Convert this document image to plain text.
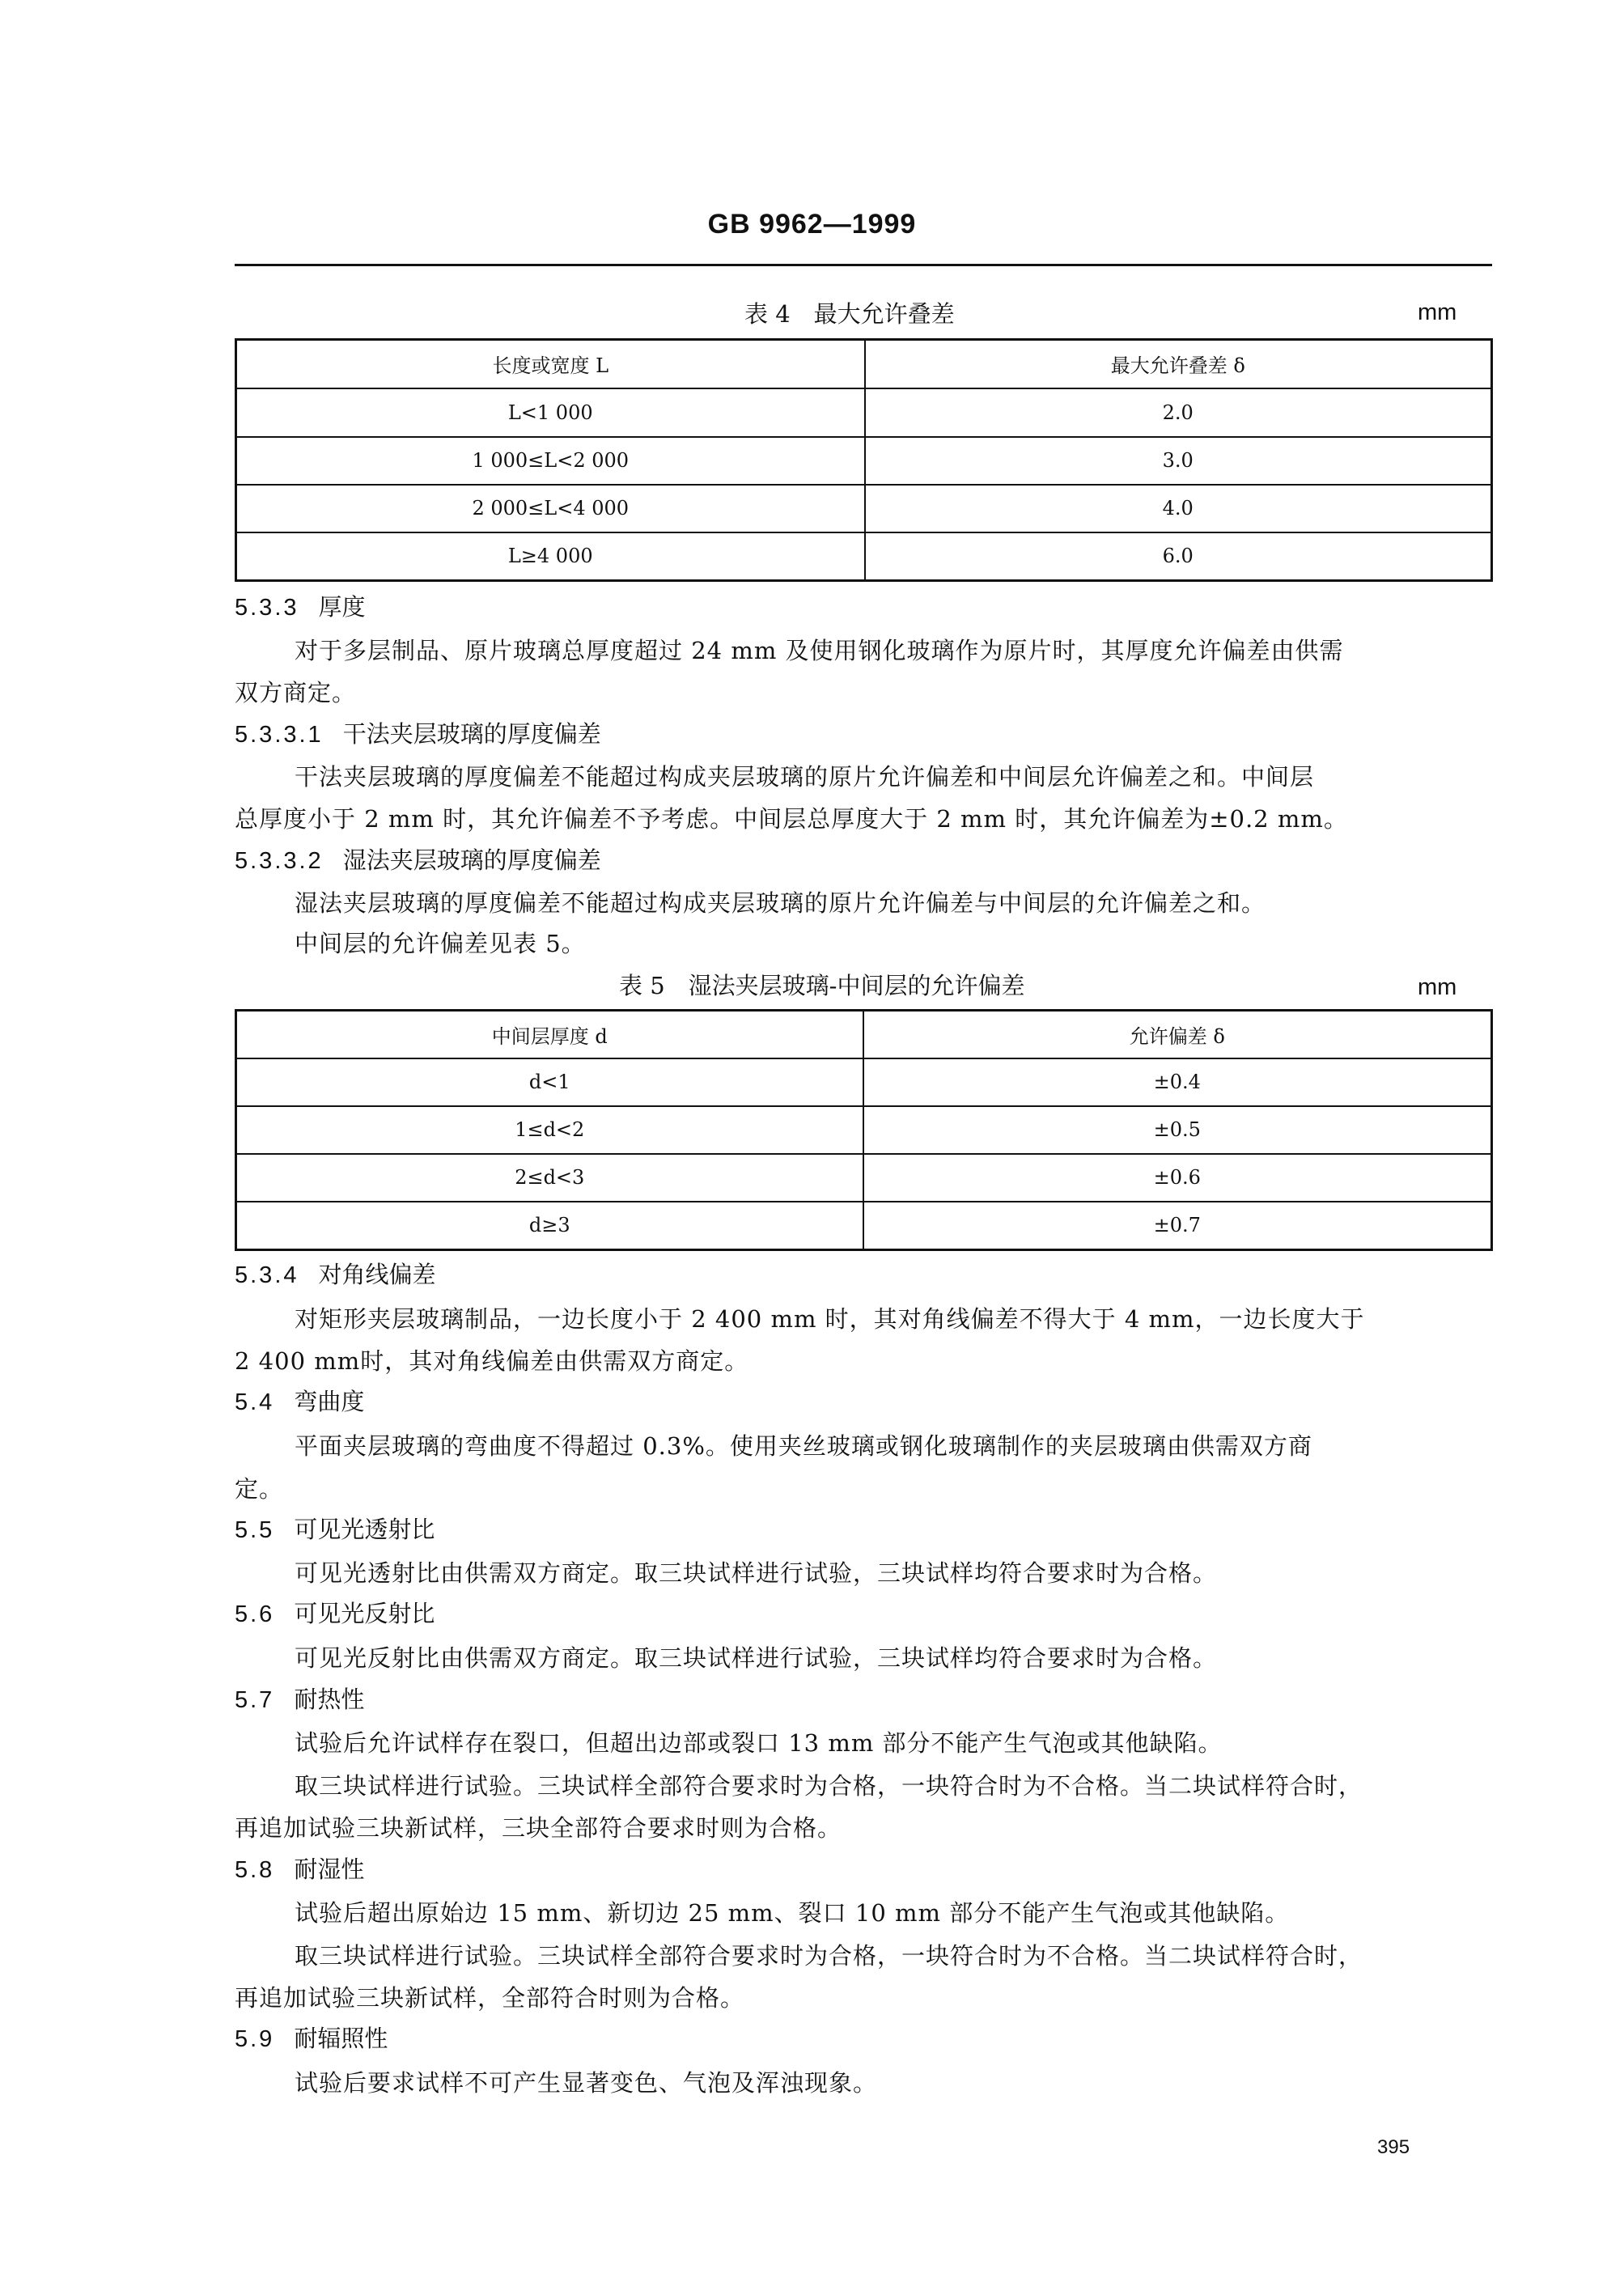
GB 9962—1999
表 4　最大允许叠差	mm
长度或宽度 L	最大允许叠差 δ
L<1 000	2.0
1 000≤L<2 000	3.0
2 000≤L<4 000	4.0
L≥4 000	6.0
5.3.3 厚度
对于多层制品、原片玻璃总厚度超过 24 mm 及使用钢化玻璃作为原片时，其厚度允许偏差由供需
双方商定。
5.3.3.1 干法夹层玻璃的厚度偏差
干法夹层玻璃的厚度偏差不能超过构成夹层玻璃的原片允许偏差和中间层允许偏差之和。中间层
总厚度小于 2 mm 时，其允许偏差不予考虑。中间层总厚度大于 2 mm 时，其允许偏差为±0.2 mm。
5.3.3.2 湿法夹层玻璃的厚度偏差
湿法夹层玻璃的厚度偏差不能超过构成夹层玻璃的原片允许偏差与中间层的允许偏差之和。
中间层的允许偏差见表 5。
表 5　湿法夹层玻璃-中间层的允许偏差	mm
中间层厚度 d	允许偏差 δ
d<1	±0.4
1≤d<2	±0.5
2≤d<3	±0.6
d≥3	±0.7
5.3.4 对角线偏差
对矩形夹层玻璃制品，一边长度小于 2 400 mm 时，其对角线偏差不得大于 4 mm，一边长度大于
2 400 mm时，其对角线偏差由供需双方商定。
5.4 弯曲度
平面夹层玻璃的弯曲度不得超过 0.3%。使用夹丝玻璃或钢化玻璃制作的夹层玻璃由供需双方商
定。
5.5 可见光透射比
可见光透射比由供需双方商定。取三块试样进行试验，三块试样均符合要求时为合格。
5.6 可见光反射比
可见光反射比由供需双方商定。取三块试样进行试验，三块试样均符合要求时为合格。
5.7 耐热性
试验后允许试样存在裂口，但超出边部或裂口 13 mm 部分不能产生气泡或其他缺陷。
取三块试样进行试验。三块试样全部符合要求时为合格，一块符合时为不合格。当二块试样符合时，
再追加试验三块新试样，三块全部符合要求时则为合格。
5.8 耐湿性
试验后超出原始边 15 mm、新切边 25 mm、裂口 10 mm 部分不能产生气泡或其他缺陷。
取三块试样进行试验。三块试样全部符合要求时为合格，一块符合时为不合格。当二块试样符合时，
再追加试验三块新试样，全部符合时则为合格。
5.9 耐辐照性
试验后要求试样不可产生显著变色、气泡及浑浊现象。
395
